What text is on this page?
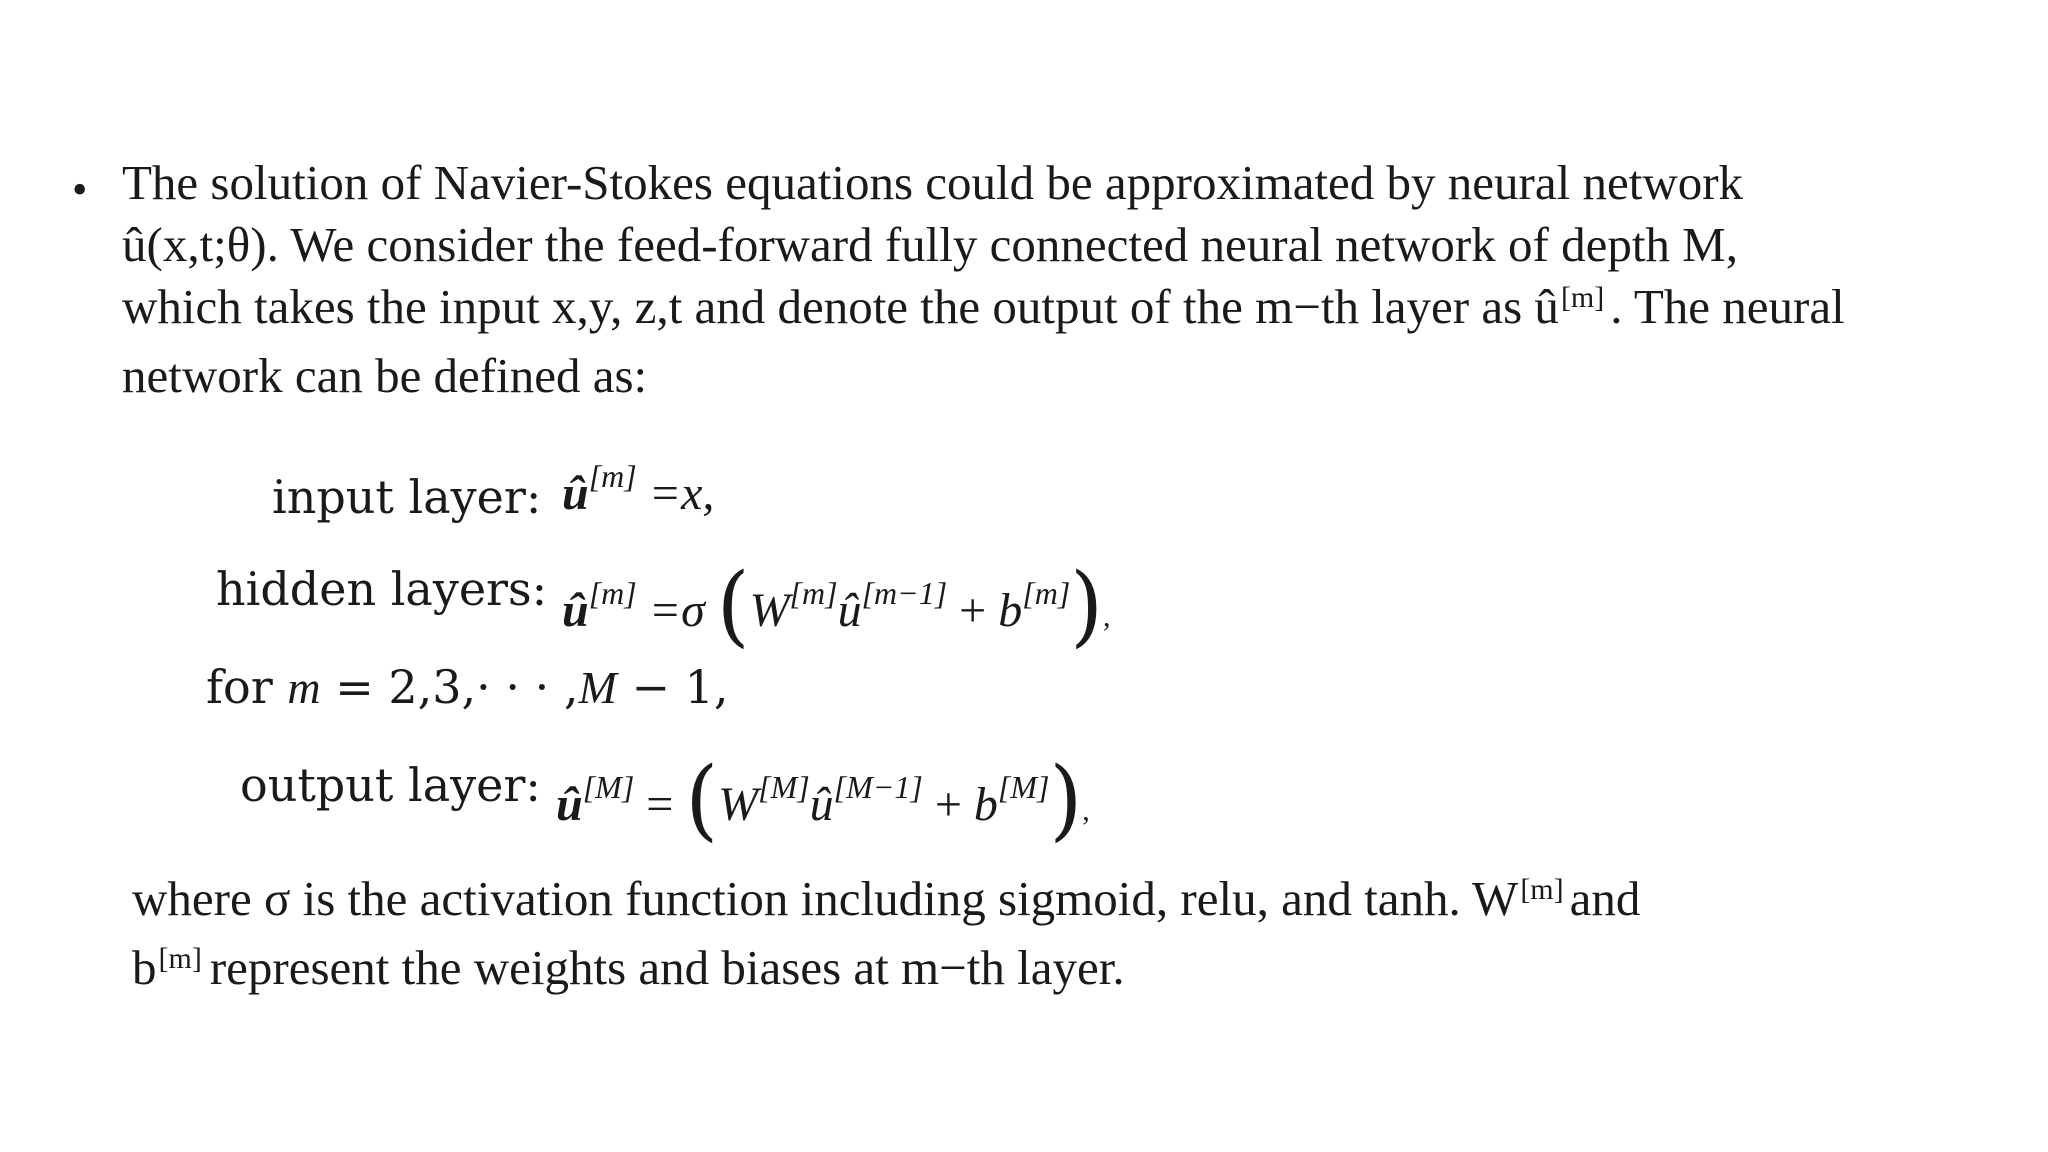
• The solution of Navier-Stokes equations could be approximated by neural network
û(x,t;θ). We consider the feed-forward fully connected neural network of depth M,
which takes the input x,y, z,t and denote the output of the m−th layer as û[m] . The neural
network can be defined as:
input layer: û[m] =x,
hidden layers: û[m] =σ (W[m]û[m−1] + b[m]),
for m = 2,3,· · · ,M − 1,
output layer: û[M] = (W[M]û[M−1] + b[M]),
where σ is the activation function including sigmoid, relu, and tanh. W[m] and
b[m] represent the weights and biases at m−th layer.
